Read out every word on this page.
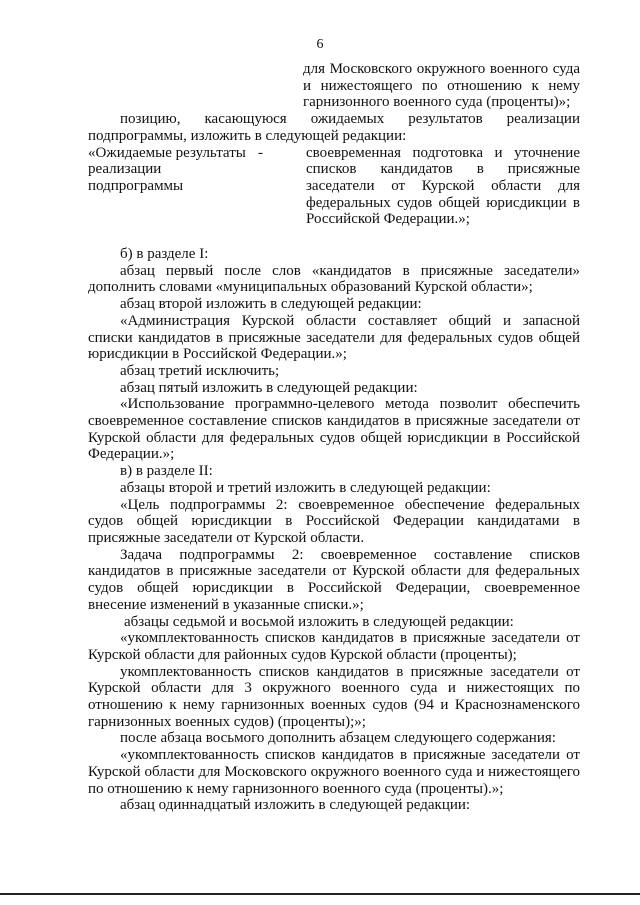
6
для Московского окружного военного суда и нижестоящего по отношению к нему гарнизонного военного суда (проценты)»;

позицию, касающуюся ожидаемых результатов реализации подпрограммы, изложить в следующей редакции:

«Ожидаемые результаты реализации подпрограммы
-	своевременная подготовка и уточнение списков кандидатов в присяжные заседатели от Курской области для федеральных судов общей юрисдикции в Российской Федерации.»;

б) в разделе I:

абзац первый после слов «кандидатов в присяжные заседатели» дополнить словами «муниципальных образований Курской области»;

абзац второй изложить в следующей редакции:

«Администрация Курской области составляет общий и запасной списки кандидатов в присяжные заседатели для федеральных судов общей юрисдикции в Российской Федерации.»;

абзац третий исключить;

абзац пятый изложить в следующей редакции:

«Использование программно-целевого метода позволит обеспечить своевременное составление списков кандидатов в присяжные заседатели от Курской области для федеральных судов общей юрисдикции в Российской Федерации.»;

в) в разделе II:

абзацы второй и третий изложить в следующей редакции:

«Цель подпрограммы 2: своевременное обеспечение федеральных судов общей юрисдикции в Российской Федерации кандидатами в присяжные заседатели от Курской области.

Задача подпрограммы 2: своевременное составление списков кандидатов в присяжные заседатели от Курской области для федеральных судов общей юрисдикции в Российской Федерации, своевременное внесение изменений в указанные списки.»;

абзацы седьмой и восьмой изложить в следующей редакции:

«укомплектованность списков кандидатов в присяжные заседатели от Курской области для районных судов Курской области (проценты);

укомплектованность списков кандидатов в присяжные заседатели от Курской области для 3 окружного военного суда и нижестоящих по отношению к нему гарнизонных военных судов (94 и Краснознаменского гарнизонных военных судов) (проценты);»;

после абзаца восьмого дополнить абзацем следующего содержания:

«укомплектованность списков кандидатов в присяжные заседатели от Курской области для Московского окружного военного суда и нижестоящего по отношению к нему гарнизонного военного суда (проценты).»;

абзац одиннадцатый изложить в следующей редакции:
